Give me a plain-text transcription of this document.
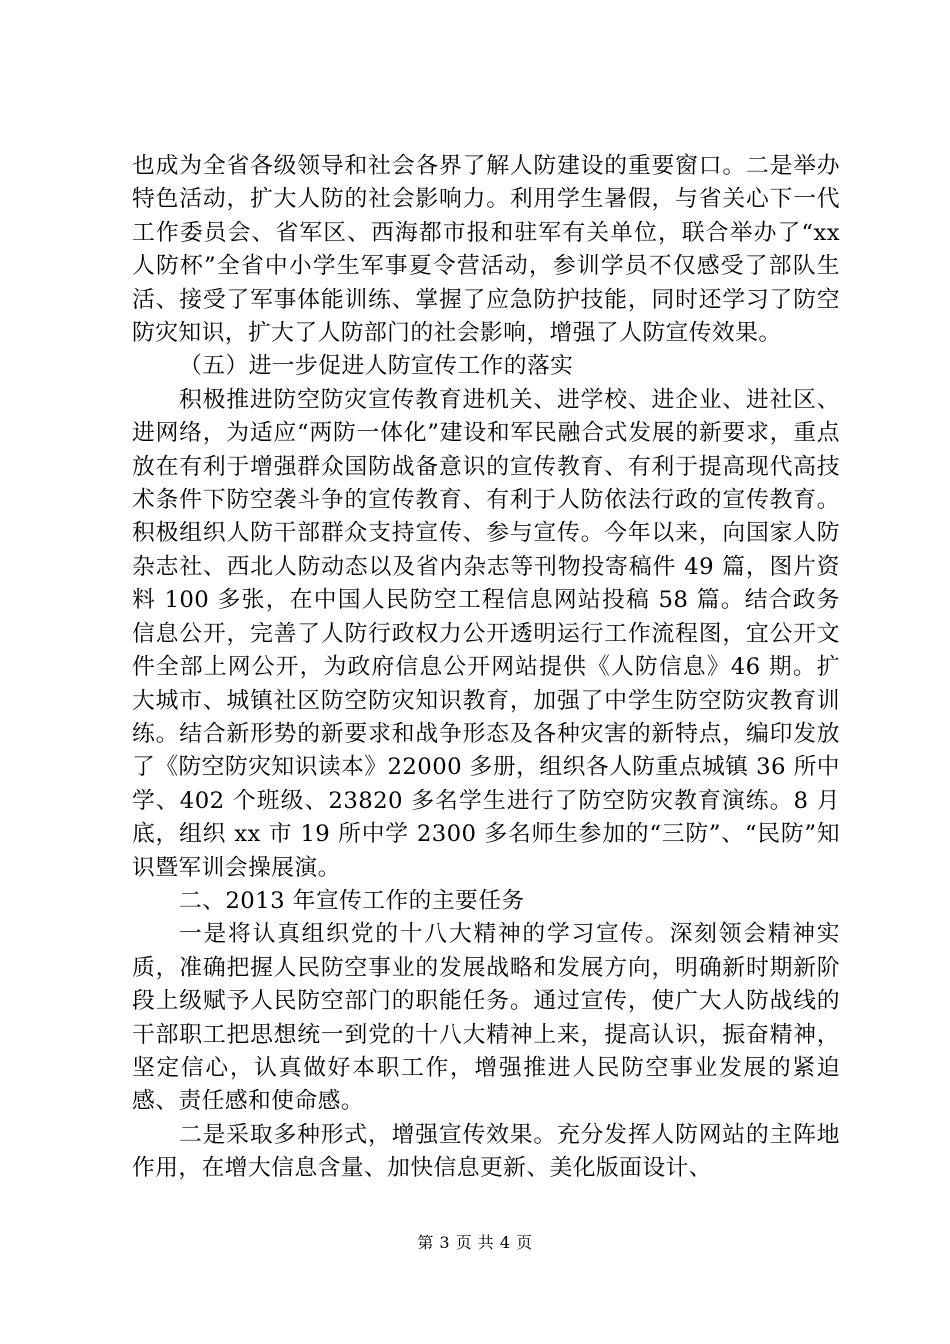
也成为全省各级领导和社会各界了解人防建设的重要窗口。二是举办特色活动，扩大人防的社会影响力。利用学生暑假，与省关心下一代工作委员会、省军区、西海都市报和驻军有关单位，联合举办了“xx 人防杯”全省中小学生军事夏令营活动，参训学员不仅感受了部队生活、接受了军事体能训练、掌握了应急防护技能，同时还学习了防空防灾知识，扩大了人防部门的社会影响，增强了人防宣传效果。

（五）进一步促进人防宣传工作的落实

积极推进防空防灾宣传教育进机关、进学校、进企业、进社区、进网络，为适应“两防一体化”建设和军民融合式发展的新要求，重点放在有利于增强群众国防战备意识的宣传教育、有利于提高现代高技术条件下防空袭斗争的宣传教育、有利于人防依法行政的宣传教育。积极组织人防干部群众支持宣传、参与宣传。今年以来，向国家人防杂志社、西北人防动态以及省内杂志等刊物投寄稿件 49 篇，图片资料 100 多张，在中国人民防空工程信息网站投稿 58 篇。结合政务信息公开，完善了人防行政权力公开透明运行工作流程图，宜公开文件全部上网公开，为政府信息公开网站提供《人防信息》46 期。扩大城市、城镇社区防空防灾知识教育，加强了中学生防空防灾教育训练。结合新形势的新要求和战争形态及各种灾害的新特点，编印发放了《防空防灾知识读本》22000 多册，组织各人防重点城镇 36 所中学、402 个班级、23820 多名学生进行了防空防灾教育演练。8 月底，组织 xx 市 19 所中学 2300 多名师生参加的“三防”、“民防”知识暨军训会操展演。

二、2013 年宣传工作的主要任务

一是将认真组织党的十八大精神的学习宣传。深刻领会精神实质，准确把握人民防空事业的发展战略和发展方向，明确新时期新阶段上级赋予人民防空部门的职能任务。通过宣传，使广大人防战线的干部职工把思想统一到党的十八大精神上来，提高认识，振奋精神，坚定信心，认真做好本职工作，增强推进人民防空事业发展的紧迫感、责任感和使命感。

二是采取多种形式，增强宣传效果。充分发挥人防网站的主阵地作用，在增大信息含量、加快信息更新、美化版面设计、

第 3 页 共 4 页
